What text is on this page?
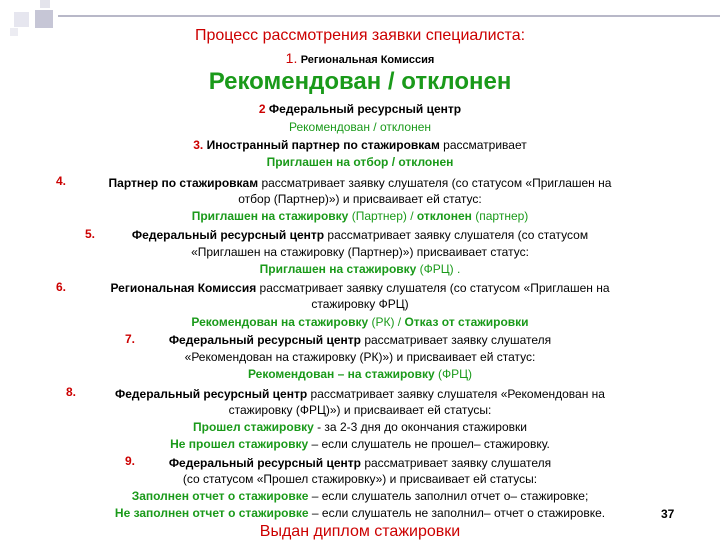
Процесс рассмотрения заявки специалиста:
1. Региональная Комиссия
Рекомендован / отклонен
2 Федеральный ресурсный центр
Рекомендован / отклонен
3. Иностранный партнер по стажировкам рассматривает
Приглашен на отбор / отклонен
4.	Партнер по стажировкам рассматривает заявку слушателя (со статусом «Приглашен на
отбор (Партнер)») и присваивает ей статус:
Приглашен на стажировку (Партнер) / отклонен (партнер)
5.	Федеральный ресурсный центр рассматривает заявку слушателя (со статусом
«Приглашен на стажировку (Партнер)») присваивает статус:
Приглашен на стажировку (ФРЦ) .
6.	Региональная Комиссия рассматривает заявку слушателя (со статусом «Приглашен на
стажировку ФРЦ)
Рекомендован на стажировку (РК) / Отказ от стажировки
7.	Федеральный ресурсный центр рассматривает заявку слушателя
«Рекомендован на стажировку (РК)») и присваивает ей статус:
Рекомендован – на стажировку (ФРЦ)
8.	Федеральный ресурсный центр рассматривает заявку слушателя «Рекомендован на
стажировку (ФРЦ)») и присваивает ей статусы:
Прошел стажировку - за 2-3 дня до окончания стажировки
Не прошел стажировку – если слушатель не прошел– стажировку.
9.	Федеральный ресурсный центр рассматривает заявку слушателя
(со статусом «Прошел стажировку») и присваивает ей статусы:
Заполнен отчет о стажировке – если слушатель заполнил отчет о– стажировке;
Не заполнен отчет о стажировке – если слушатель не заполнил– отчет о стажировке.
Выдан диплом стажировки
37
